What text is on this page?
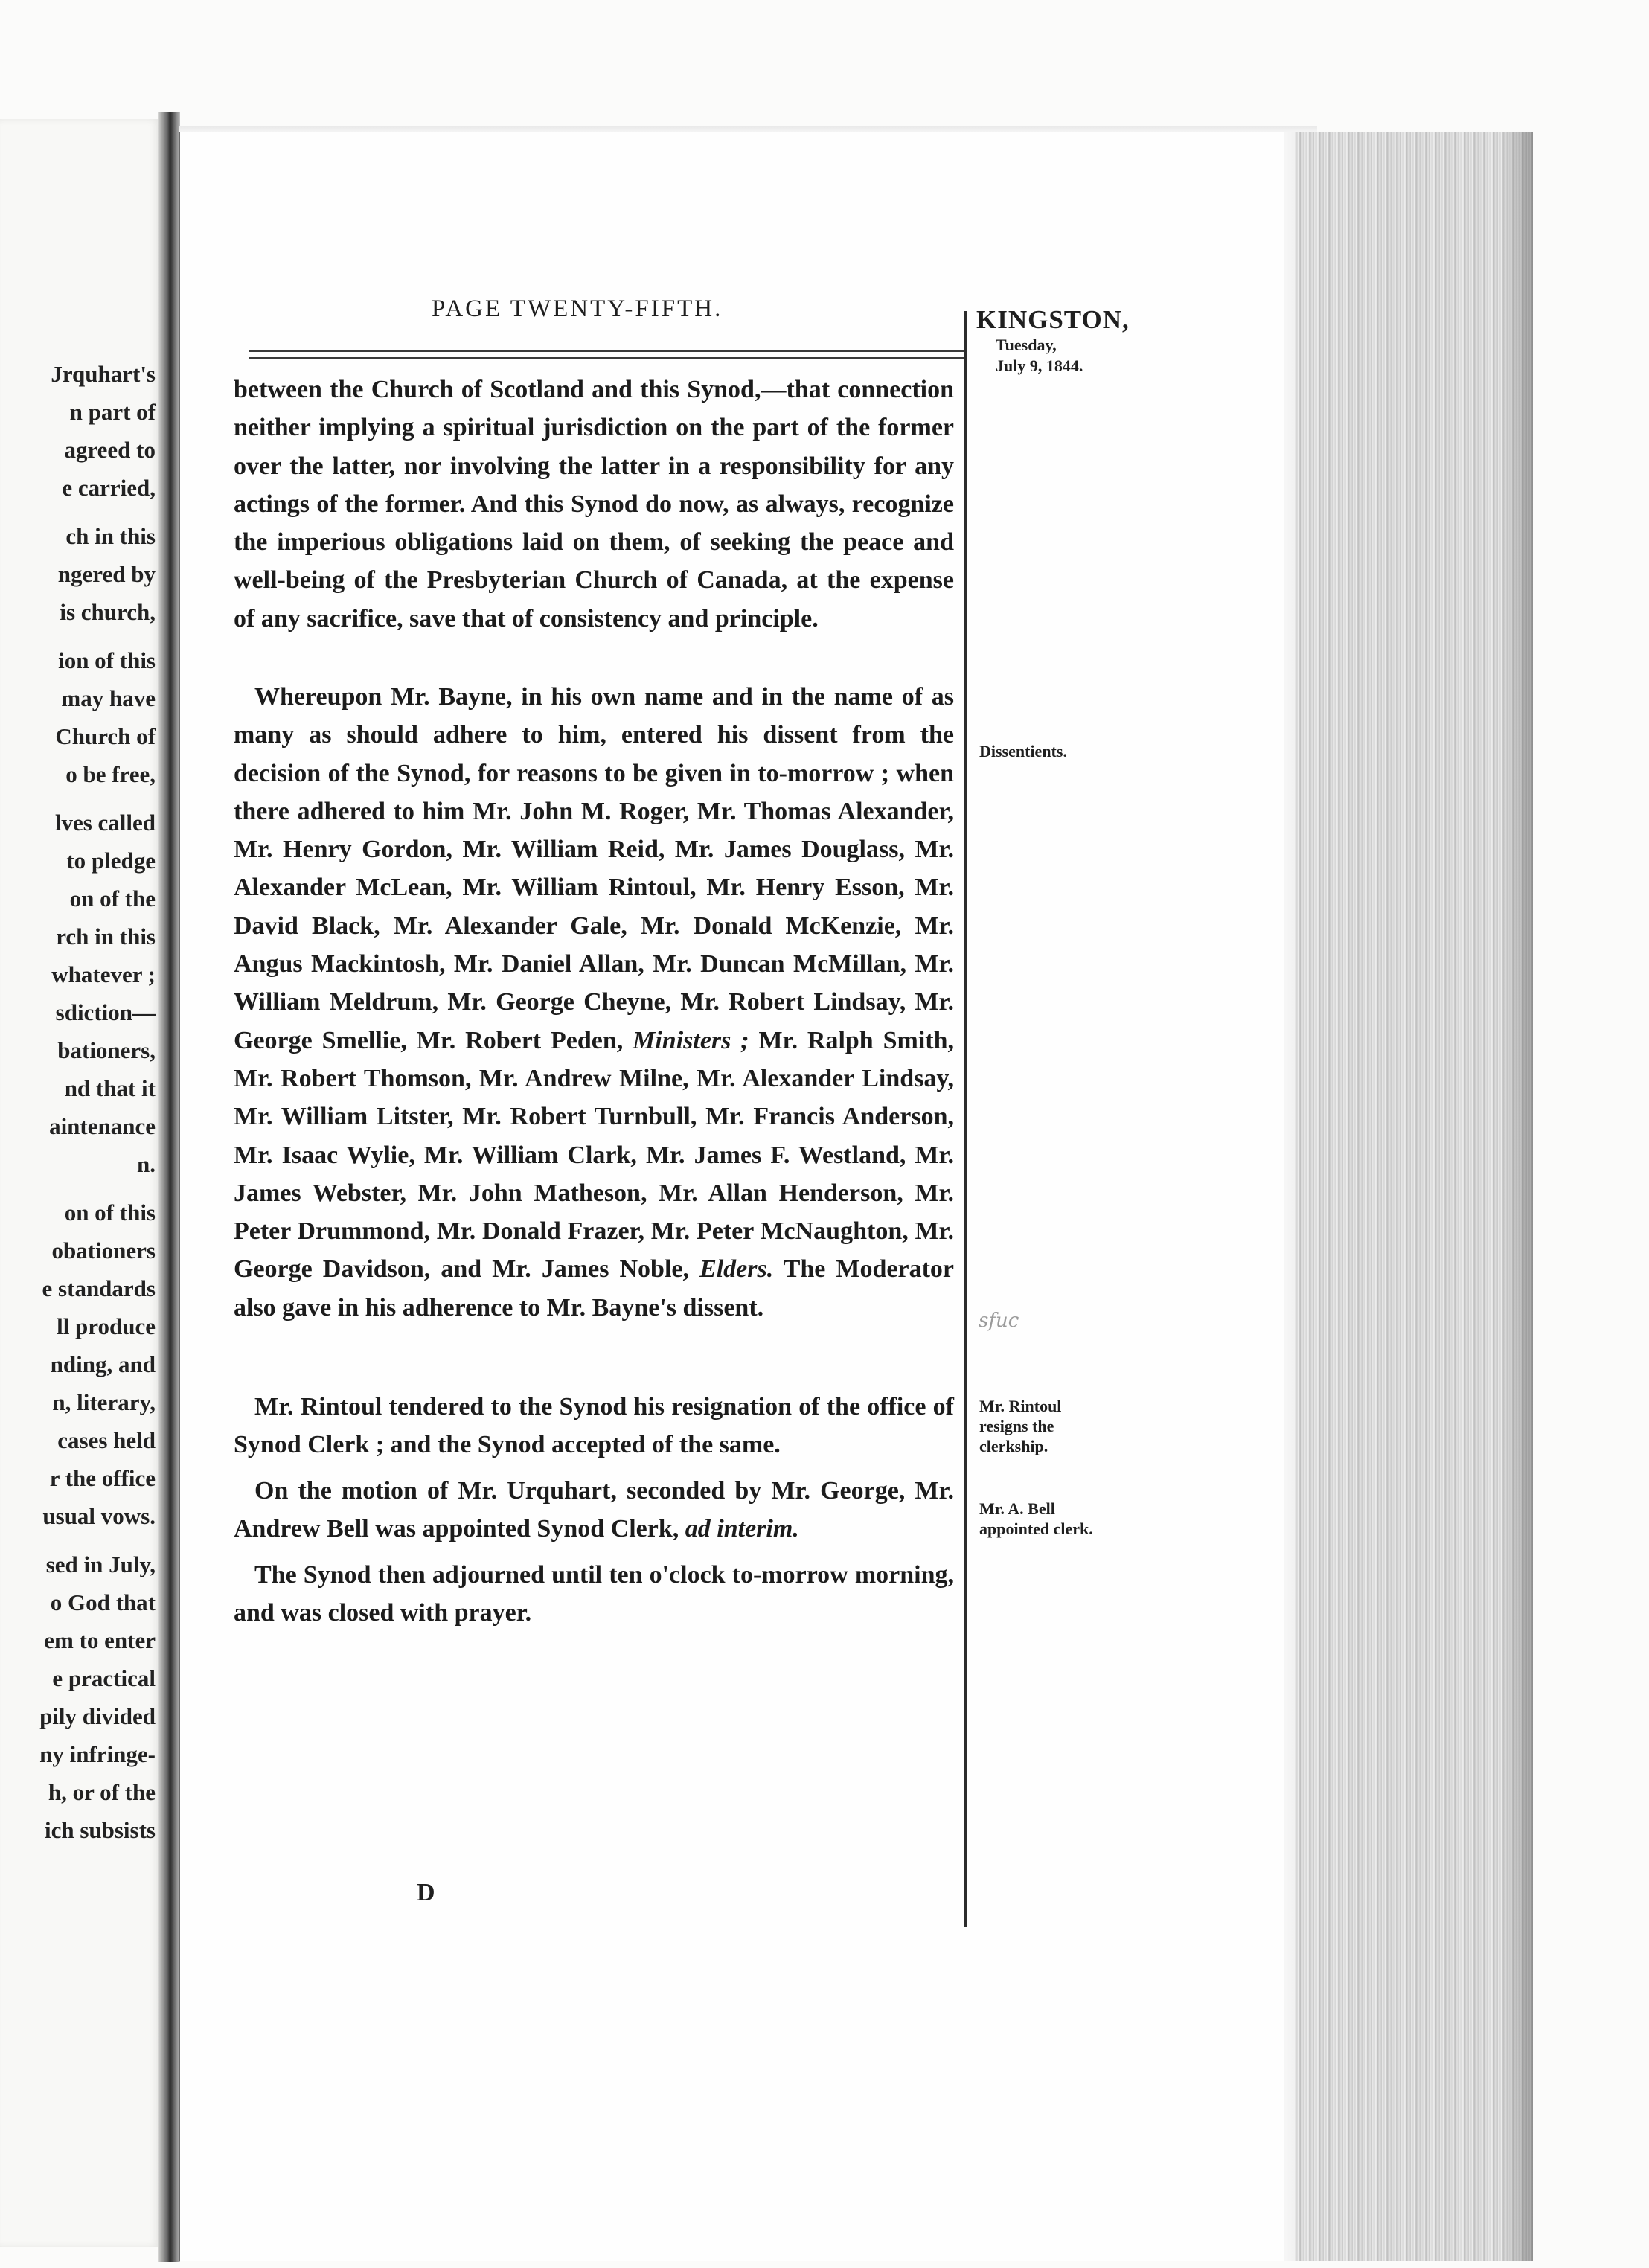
Jrquhart's
n part of
agreed to
e carried,
ch in this
ngered by
is church,
ion of this
may have
Church of
o be free,
lves called
to pledge
on of the
rch in this
whatever ;
sdiction—
bationers,
nd that it
aintenance
n.
on of this
obationers
e standards
ll produce
nding, and
n, literary,
cases held
r the office
usual vows.
sed in July,
o God that
em to enter
e practical
pily divided
ny infringe-
h, or of the
ich subsists
PAGE TWENTY-FIFTH.	KINGSTON,
Tuesday,
July 9, 1844.
Dissentients.
Mr. Rintoul
resigns the
clerkship.
Mr. A. Bell
appointed clerk.
sfuc

between the Church of Scotland and this Synod,—that connection neither implying a spiritual jurisdiction on the part of the former over the latter, nor involving the latter in a responsibility for any actings of the former. And this Synod do now, as always, recognize the imperious obligations laid on them, of seeking the peace and well-being of the Presbyterian Church of Canada, at the expense of any sacrifice, save that of consistency and principle.

Whereupon Mr. Bayne, in his own name and in the name of as many as should adhere to him, entered his dissent from the decision of the Synod, for reasons to be given in to-morrow ; when there adhered to him Mr. John M. Roger, Mr. Thomas Alexander, Mr. Henry Gordon, Mr. William Reid, Mr. James Douglass, Mr. Alexander McLean, Mr. William Rintoul, Mr. Henry Esson, Mr. David Black, Mr. Alexander Gale, Mr. Donald McKenzie, Mr. Angus Mackintosh, Mr. Daniel Allan, Mr. Duncan McMillan, Mr. William Meldrum, Mr. George Cheyne, Mr. Robert Lindsay, Mr. George Smellie, Mr. Robert Peden, Ministers ; Mr. Ralph Smith, Mr. Robert Thomson, Mr. Andrew Milne, Mr. Alexander Lindsay, Mr. William Litster, Mr. Robert Turnbull, Mr. Francis Anderson, Mr. Isaac Wylie, Mr. William Clark, Mr. James F. Westland, Mr. James Webster, Mr. John Matheson, Mr. Allan Henderson, Mr. Peter Drummond, Mr. Donald Frazer, Mr. Peter McNaughton, Mr. George Davidson, and Mr. James Noble, Elders. The Moderator also gave in his adherence to Mr. Bayne's dissent.

Mr. Rintoul tendered to the Synod his resignation of the office of Synod Clerk ; and the Synod accepted of the same.

On the motion of Mr. Urquhart, seconded by Mr. George, Mr. Andrew Bell was appointed Synod Clerk, ad interim.

The Synod then adjourned until ten o'clock to-morrow morning, and was closed with prayer.

D
